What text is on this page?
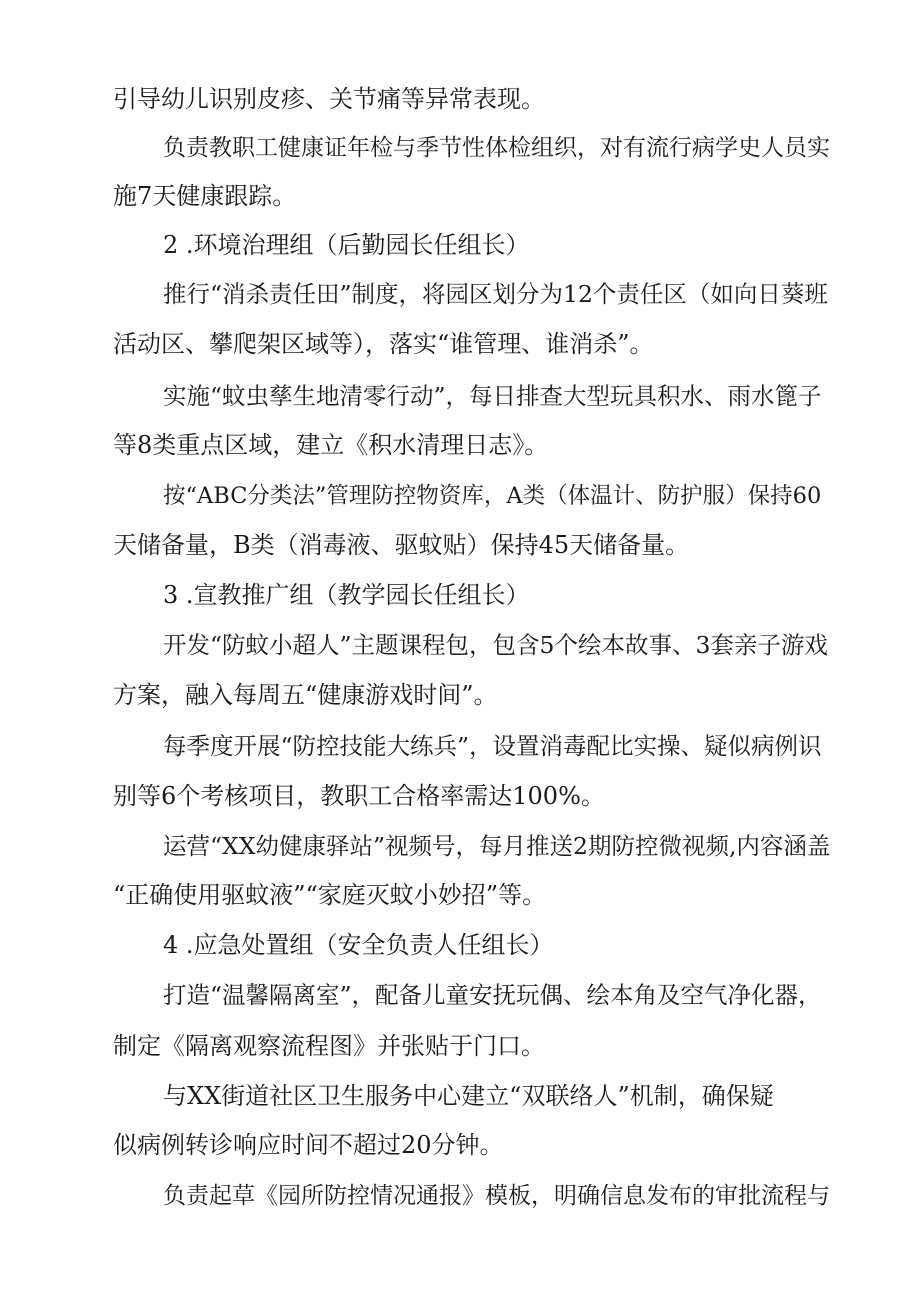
引导幼儿识别皮疹、关节痛等异常表现。
负责教职工健康证年检与季节性体检组织，对有流行病学史人员实
施7天健康跟踪。
2 .环境治理组（后勤园长任组长）
推行“消杀责任田”制度，将园区划分为12个责任区（如向日葵班
活动区、攀爬架区域等），落实“谁管理、谁消杀”。
实施“蚊虫孳生地清零行动”，每日排查大型玩具积水、雨水篦子
等8类重点区域，建立《积水清理日志》。
按“ABC分类法”管理防控物资库，A类（体温计、防护服）保持60
天储备量，B类（消毒液、驱蚊贴）保持45天储备量。
3 .宣教推广组（教学园长任组长）
开发“防蚊小超人”主题课程包，包含5个绘本故事、3套亲子游戏
方案，融入每周五“健康游戏时间”。
每季度开展“防控技能大练兵”，设置消毒配比实操、疑似病例识
别等6个考核项目，教职工合格率需达100%。
运营“XX幼健康驿站”视频号，每月推送2期防控微视频,内容涵盖
“正确使用驱蚊液”“家庭灭蚊小妙招”等。
4 .应急处置组（安全负责人任组长）
打造“温馨隔离室”，配备儿童安抚玩偶、绘本角及空气净化器，
制定《隔离观察流程图》并张贴于门口。
与XX街道社区卫生服务中心建立“双联络人”机制，确保疑
似病例转诊响应时间不超过20分钟。
负责起草《园所防控情况通报》模板，明确信息发布的审批流程与
